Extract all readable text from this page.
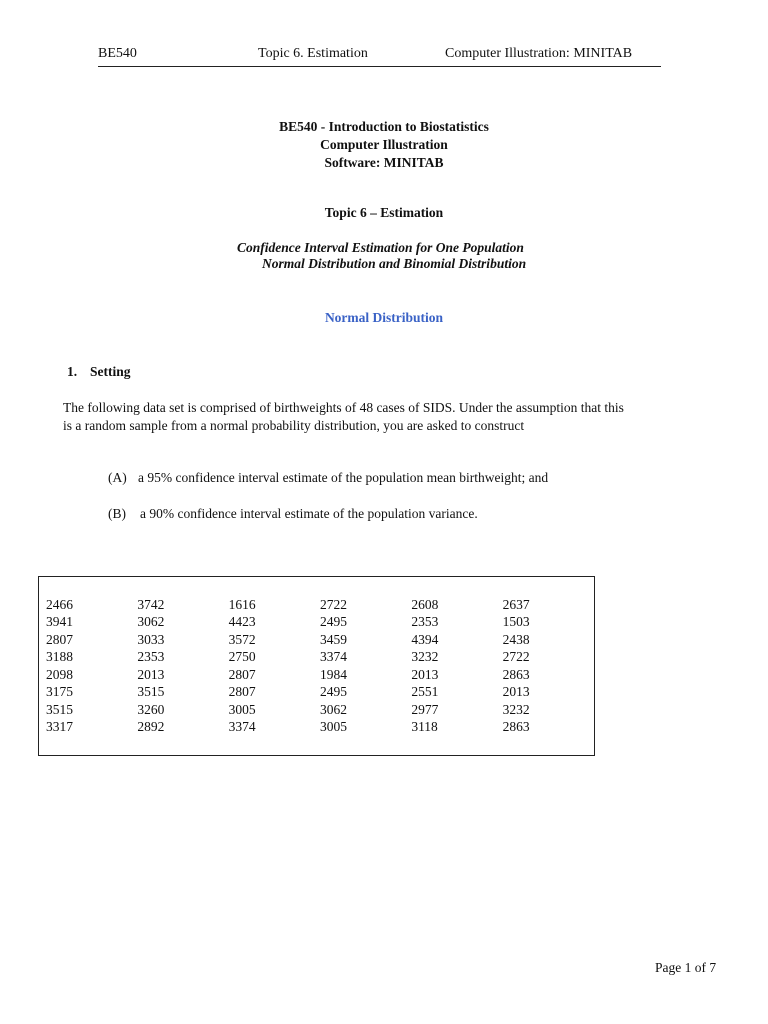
BE540	Topic 6. Estimation	Computer Illustration: MINITAB
BE540 - Introduction to Biostatistics
Computer Illustration
Software: MINITAB
Topic 6 – Estimation
Confidence Interval Estimation for One Population
Normal Distribution and Binomial Distribution
Normal Distribution
1. Setting
The following data set is comprised of birthweights of 48 cases of SIDS. Under the assumption that this
is a random sample from a normal probability distribution, you are asked to construct
(A) a 95% confidence interval estimate of the population mean birthweight; and
(B) a 90% confidence interval estimate of the population variance.
2466	3742	1616	2722	2608	2637
3941	3062	4423	2495	2353	1503
2807	3033	3572	3459	4394	2438
3188	2353	2750	3374	3232	2722
2098	2013	2807	1984	2013	2863
3175	3515	2807	2495	2551	2013
3515	3260	3005	3062	2977	3232
3317	2892	3374	3005	3118	2863
Page 1 of 7
